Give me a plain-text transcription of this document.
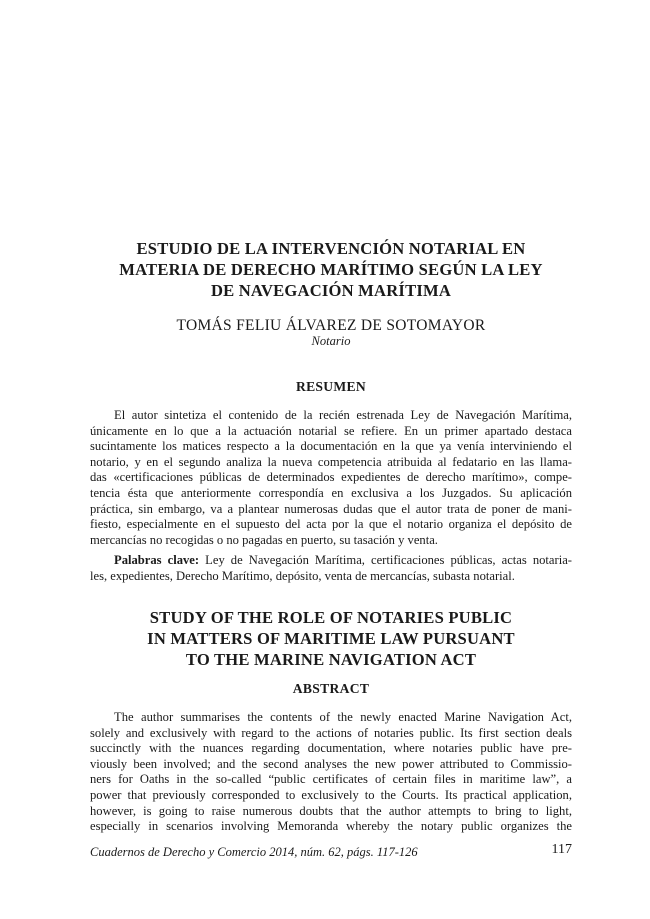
ESTUDIO DE LA INTERVENCIÓN NOTARIAL EN
MATERIA DE DERECHO MARÍTIMO SEGÚN LA LEY
DE NAVEGACIÓN MARÍTIMA
TOMÁS FELIU ÁLVAREZ DE SOTOMAYOR
Notario
RESUMEN
El autor sintetiza el contenido de la recién estrenada Ley de Navegación Marítima,
únicamente en lo que a la actuación notarial se refiere. En un primer apartado destaca
sucintamente los matices respecto a la documentación en la que ya venía interviniendo el
notario, y en el segundo analiza la nueva competencia atribuida al fedatario en las llama-
das «certificaciones públicas de determinados expedientes de derecho marítimo», compe-
tencia ésta que anteriormente correspondía en exclusiva a los Juzgados. Su aplicación
práctica, sin embargo, va a plantear numerosas dudas que el autor trata de poner de mani-
fiesto, especialmente en el supuesto del acta por la que el notario organiza el depósito de
mercancías no recogidas o no pagadas en puerto, su tasación y venta.
Palabras clave: Ley de Navegación Marítima, certificaciones públicas, actas notaria-
les, expedientes, Derecho Marítimo, depósito, venta de mercancías, subasta notarial.
STUDY OF THE ROLE OF NOTARIES PUBLIC
IN MATTERS OF MARITIME LAW PURSUANT
TO THE MARINE NAVIGATION ACT
ABSTRACT
The author summarises the contents of the newly enacted Marine Navigation Act,
solely and exclusively with regard to the actions of notaries public. Its first section deals
succinctly with the nuances regarding documentation, where notaries public have pre-
viously been involved; and the second analyses the new power attributed to Commissio-
ners for Oaths in the so-called “public certificates of certain files in maritime law”, a
power that previously corresponded to exclusively to the Courts. Its practical application,
however, is going to raise numerous doubts that the author attempts to bring to light,
especially in scenarios involving Memoranda whereby the notary public organizes the
Cuadernos de Derecho y Comercio 2014, núm. 62, págs. 117-126	117
